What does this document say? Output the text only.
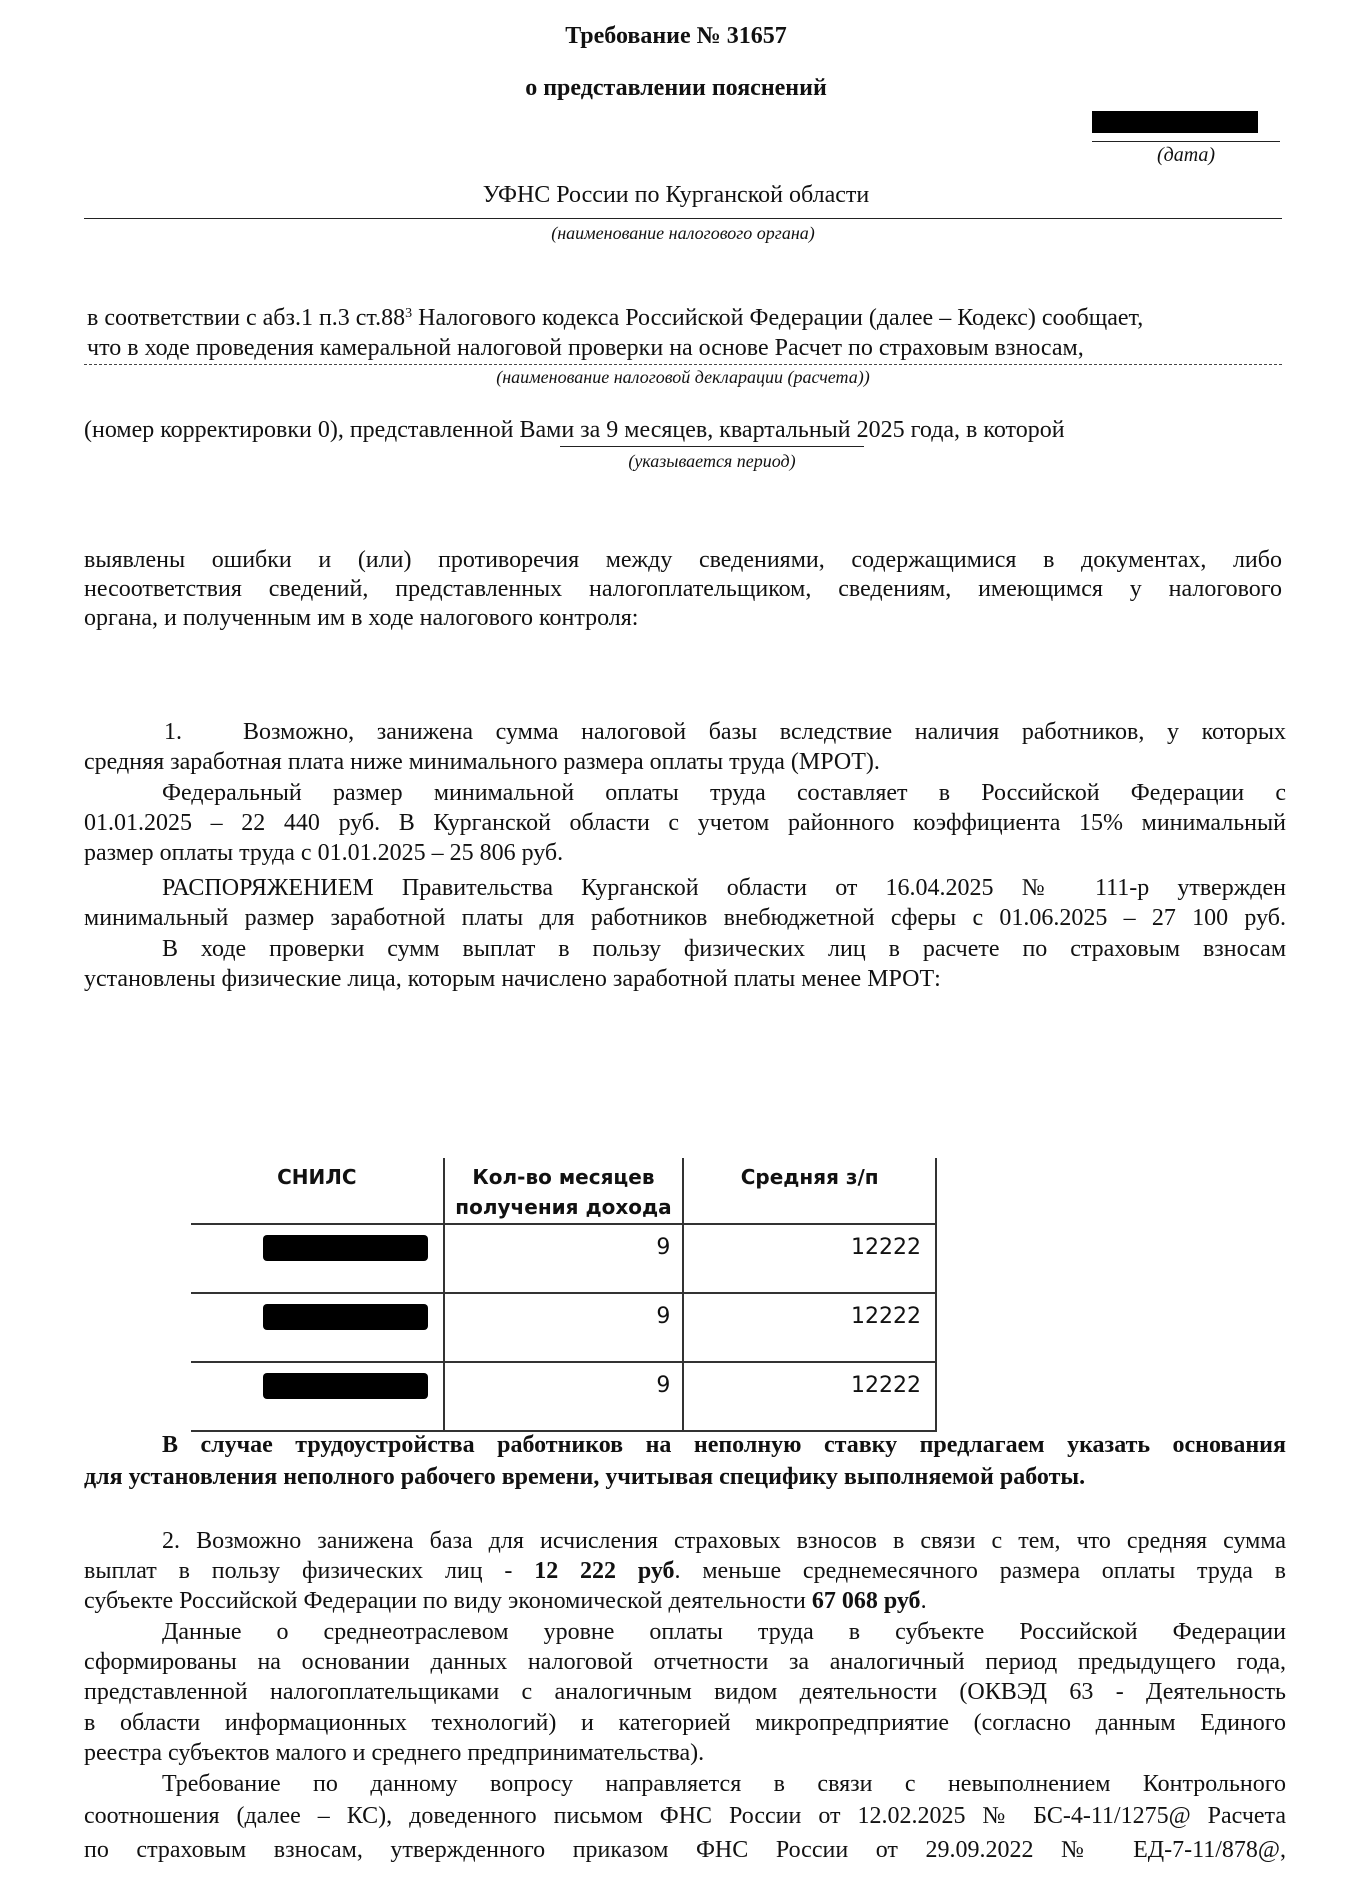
Требование № 31657
о представлении пояснений
(дата)
УФНС России по Курганской области
(наименование налогового органа)
в соответствии с абз.1 п.3 $ст.88^3$ Налогового кодекса Российской Федерации (далее – Кодекс) сообщает,
что в ходе проведения камеральной налоговой проверки на основе Расчет по страховым взносам,
(наименование налоговой декларации (расчета))
(номер корректировки 0), представленной Вами за 9 месяцев, квартальный 2025 года, в которой
(указывается период)
выявлены ошибки и (или) противоречия между сведениями, содержащимися в документах, либо
несоответствия сведений, представленных налогоплательщиком, сведениям, имеющимся у налогового
органа, и полученным им в ходе налогового контроля:
1.	Возможно, занижена сумма налоговой базы вследствие наличия работников, у которых
средняя заработная плата ниже минимального размера оплаты труда (МРОТ).
Федеральный размер минимальной оплаты труда составляет в Российской Федерации с
01.01.2025 – 22 440 руб. В Курганской области с учетом районного коэффициента 15% минимальный
размер оплаты труда с 01.01.2025 – 25 806 руб.
РАСПОРЯЖЕНИЕМ Правительства Курганской области от 16.04.2025 № 111-р утвержден
минимальный размер заработной платы для работников внебюджетной сферы с 01.06.2025 – 27 100 руб.
В ходе проверки сумм выплат в пользу физических лиц в расчете по страховым взносам
установлены физические лица, которым начислено заработной платы менее МРОТ:
СНИЛС	Кол-во месяцев получения дохода	Средняя з/п

	9	12222

	9	12222

	9	12222
В случае трудоустройства работников на неполную ставку предлагаем указать основания
для установления неполного рабочего времени, учитывая специфику выполняемой работы.
2. Возможно занижена база для исчисления страховых взносов в связи с тем, что средняя сумма
выплат в пользу физических лиц - 12 222 руб. меньше среднемесячного размера оплаты труда в
субъекте Российской Федерации по виду экономической деятельности 67 068 руб.
Данные о среднеотраслевом уровне оплаты труда в субъекте Российской Федерации
сформированы на основании данных налоговой отчетности за аналогичный период предыдущего года,
представленной налогоплательщиками с аналогичным видом деятельности (ОКВЭД 63 - Деятельность
в области информационных технологий) и категорией микропредприятие (согласно данным Единого
реестра субъектов малого и среднего предпринимательства).
Требование по данному вопросу направляется в связи с невыполнением Контрольного
соотношения (далее – КС), доведенного письмом ФНС России от 12.02.2025 № БС-4-11/1275@ Расчета
по страховым взносам, утвержденного приказом ФНС России от 29.09.2022 № ЕД-7-11/878@,
